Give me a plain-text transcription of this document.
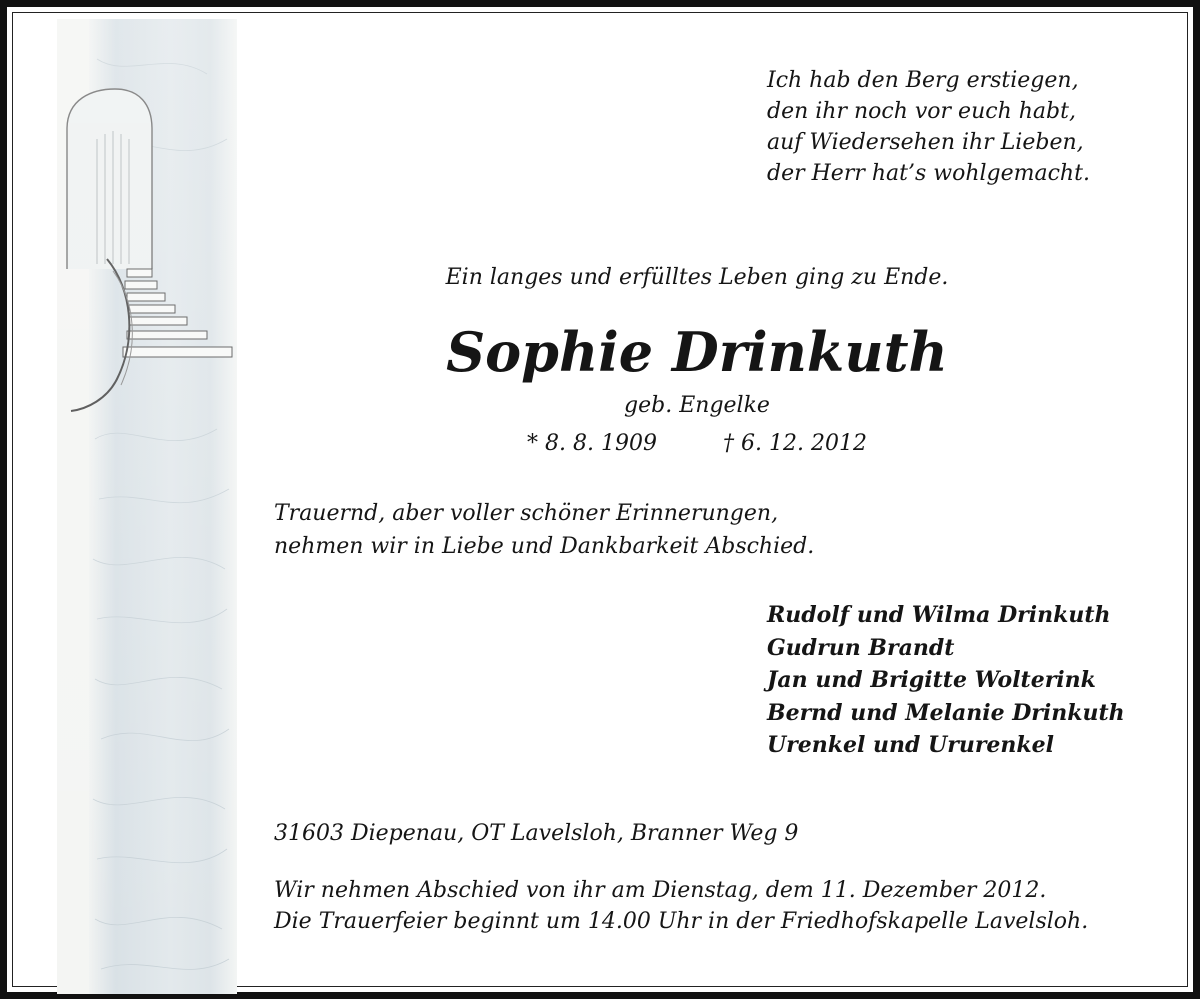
Ich hab den Berg erstiegen,
den ihr noch vor euch habt,
auf Wiedersehen ihr Lieben,
der Herr hat’s wohlgemacht.
Ein langes und erfülltes Leben ging zu Ende.
Sophie Drinkuth
geb. Engelke
* 8. 8. 1909	† 6. 12. 2012
Trauernd, aber voller schöner Erinnerungen,
nehmen wir in Liebe und Dankbarkeit Abschied.
Rudolf und Wilma Drinkuth
Gudrun Brandt
Jan und Brigitte Wolterink
Bernd und Melanie Drinkuth
Urenkel und Ururenkel
31603 Diepenau, OT Lavelsloh, Branner Weg 9
Wir nehmen Abschied von ihr am Dienstag, dem 11. Dezember 2012.
Die Trauerfeier beginnt um 14.00 Uhr in der Friedhofskapelle Lavelsloh.
